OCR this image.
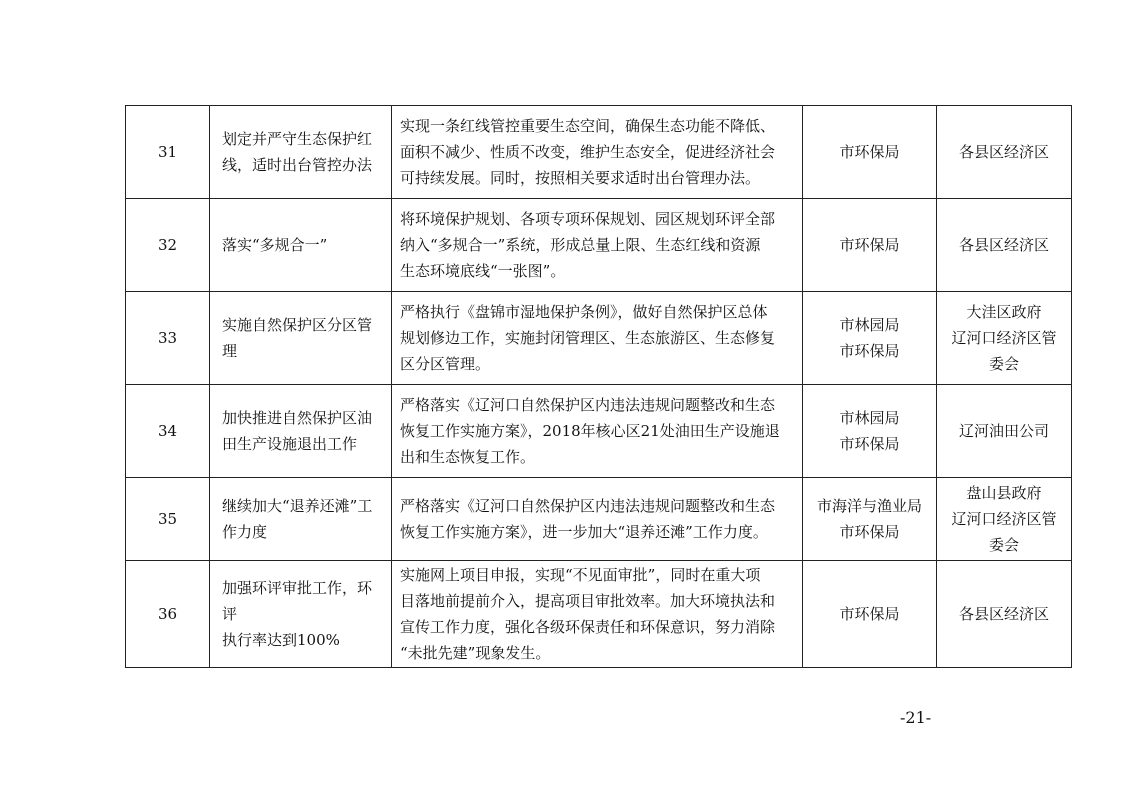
31	划定并严守生态保护红
线，适时出台管控办法	实现一条红线管控重要生态空间，确保生态功能不降低、
面积不减少、性质不改变，维护生态安全，促进经济社会
可持续发展。同时，按照相关要求适时出台管理办法。	市环保局	各县区经济区

32	落实“多规合一”	将环境保护规划、各项专项环保规划、园区规划环评全部
纳入“多规合一”系统，形成总量上限、生态红线和资源
生态环境底线“一张图”。	市环保局	各县区经济区

33	实施自然保护区分区管
理	严格执行《盘锦市湿地保护条例》，做好自然保护区总体
规划修边工作，实施封闭管理区、生态旅游区、生态修复
区分区管理。	市林园局
市环保局	大洼区政府
辽河口经济区管
委会

34	加快推进自然保护区油
田生产设施退出工作	严格落实《辽河口自然保护区内违法违规问题整改和生态
恢复工作实施方案》，2018年核心区21处油田生产设施退
出和生态恢复工作。	市林园局
市环保局	辽河油田公司

35	继续加大“退养还滩”工
作力度	严格落实《辽河口自然保护区内违法违规问题整改和生态
恢复工作实施方案》，进一步加大“退养还滩”工作力度。	市海洋与渔业局
市环保局	盘山县政府
辽河口经济区管
委会

36	加强环评审批工作，环评
执行率达到100%	实施网上项目申报，实现“不见面审批”，同时在重大项
目落地前提前介入，提高项目审批效率。加大环境执法和
宣传工作力度，强化各级环保责任和环保意识，努力消除
“未批先建”现象发生。	市环保局	各县区经济区
-21-
